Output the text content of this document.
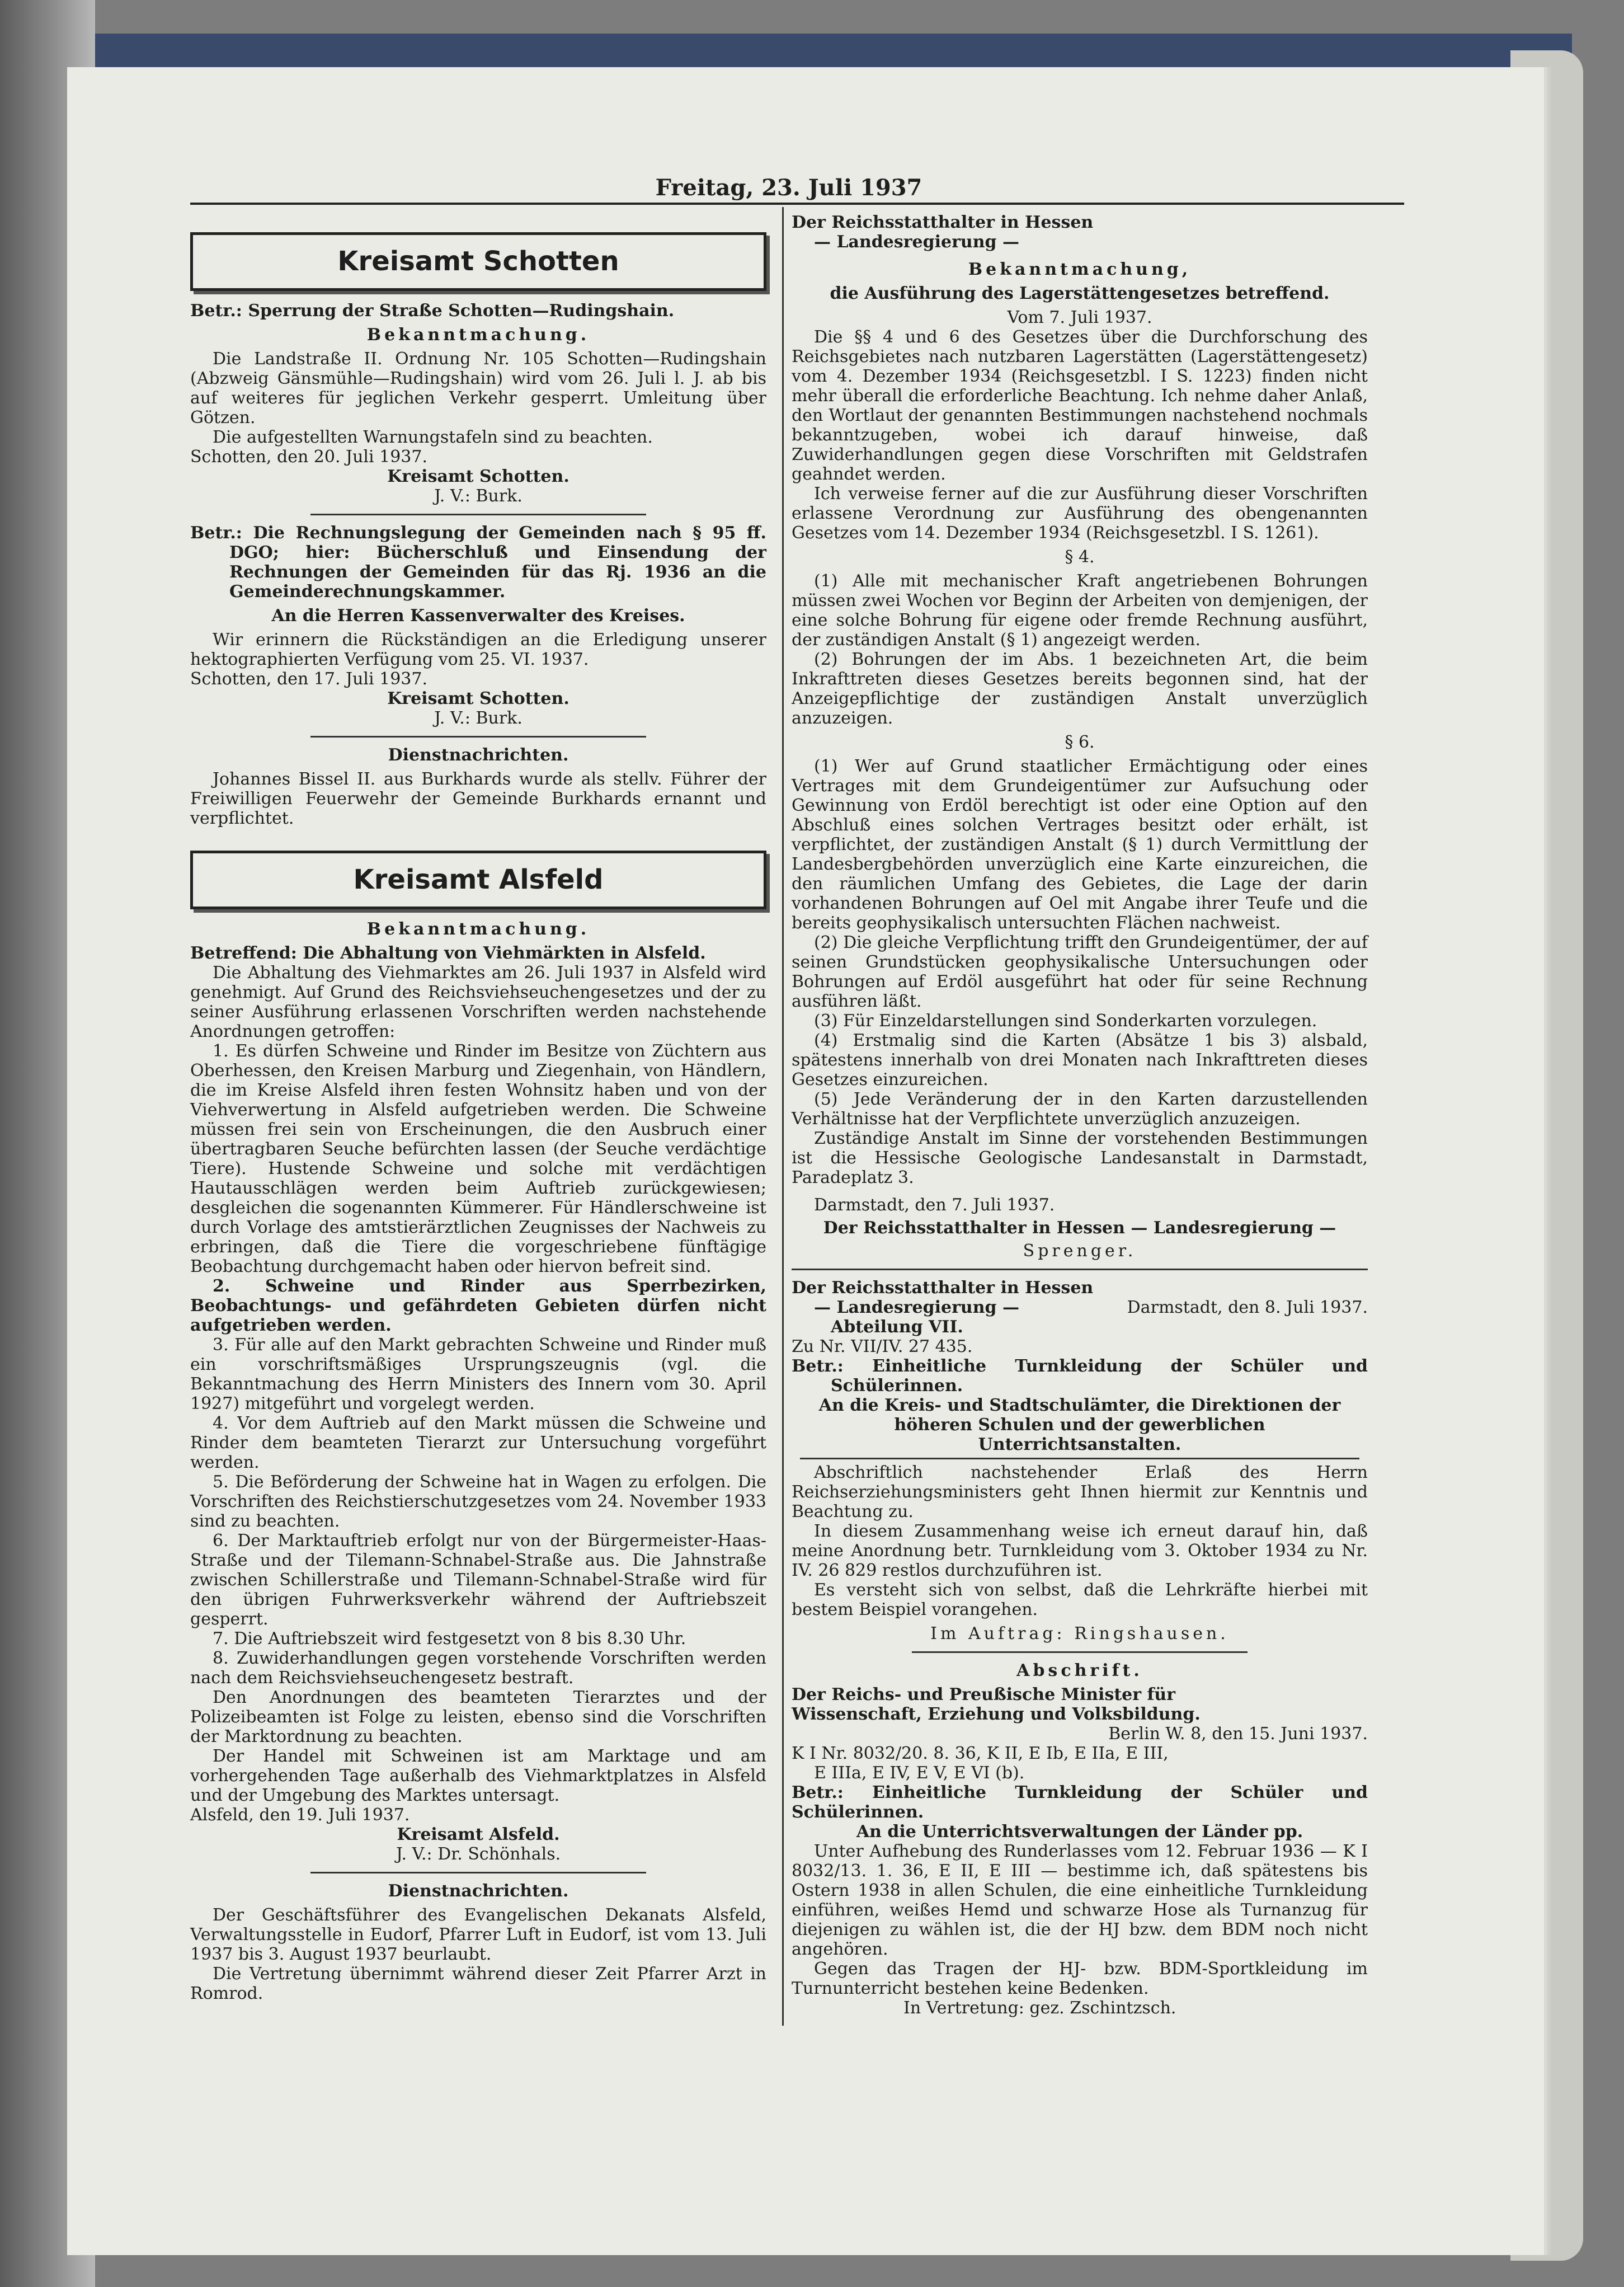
Freitag, 23. Juli 1937
Kreisamt Schotten

Betr.: Sperrung der Straße Schotten—Rudingshain.

Bekanntmachung.

Die Landstraße II. Ordnung Nr. 105 Schotten—Rudingshain (Abzweig Gänsmühle—Rudingshain) wird vom 26. Juli l. J. ab bis auf weiteres für jeglichen Verkehr gesperrt. Umleitung über Götzen.

Die aufgestellten Warnungstafeln sind zu beachten.

Schotten, den 20. Juli 1937.

Kreisamt Schotten.

J. V.: Burk.

Betr.: Die Rechnungslegung der Gemeinden nach § 95 ff. DGO; hier: Bücherschluß und Einsendung der Rechnungen der Gemeinden für das Rj. 1936 an die Gemeinderechnungskammer.

An die Herren Kassenverwalter des Kreises.

Wir erinnern die Rückständigen an die Erledigung unserer hektographierten Verfügung vom 25. VI. 1937.

Schotten, den 17. Juli 1937.

Kreisamt Schotten.

J. V.: Burk.

Dienstnachrichten.

Johannes Bissel II. aus Burkhards wurde als stellv. Führer der Freiwilligen Feuerwehr der Gemeinde Burkhards ernannt und verpflichtet.

Kreisamt Alsfeld

Bekanntmachung.

Betreffend: Die Abhaltung von Viehmärkten in Alsfeld.

Die Abhaltung des Viehmarktes am 26. Juli 1937 in Alsfeld wird genehmigt. Auf Grund des Reichsviehseuchengesetzes und der zu seiner Ausführung erlassenen Vorschriften werden nachstehende Anordnungen getroffen:

1. Es dürfen Schweine und Rinder im Besitze von Züchtern aus Oberhessen, den Kreisen Marburg und Ziegenhain, von Händlern, die im Kreise Alsfeld ihren festen Wohnsitz haben und von der Viehverwertung in Alsfeld aufgetrieben werden. Die Schweine müssen frei sein von Erscheinungen, die den Ausbruch einer übertragbaren Seuche befürchten lassen (der Seuche verdächtige Tiere). Hustende Schweine und solche mit verdächtigen Hautausschlägen werden beim Auftrieb zurückgewiesen; desgleichen die sogenannten Kümmerer. Für Händlerschweine ist durch Vorlage des amtstierärztlichen Zeugnisses der Nachweis zu erbringen, daß die Tiere die vorgeschriebene fünftägige Beobachtung durchgemacht haben oder hiervon befreit sind.

2. Schweine und Rinder aus Sperrbezirken, Beobachtungs- und gefährdeten Gebieten dürfen nicht aufgetrieben werden.

3. Für alle auf den Markt gebrachten Schweine und Rinder muß ein vorschriftsmäßiges Ursprungszeugnis (vgl. die Bekanntmachung des Herrn Ministers des Innern vom 30. April 1927) mitgeführt und vorgelegt werden.

4. Vor dem Auftrieb auf den Markt müssen die Schweine und Rinder dem beamteten Tierarzt zur Untersuchung vorgeführt werden.

5. Die Beförderung der Schweine hat in Wagen zu erfolgen. Die Vorschriften des Reichstierschutzgesetzes vom 24. November 1933 sind zu beachten.

6. Der Marktauftrieb erfolgt nur von der Bürgermeister-Haas-Straße und der Tilemann-Schnabel-Straße aus. Die Jahnstraße zwischen Schillerstraße und Tilemann-Schnabel-Straße wird für den übrigen Fuhrwerksverkehr während der Auftriebszeit gesperrt.

7. Die Auftriebszeit wird festgesetzt von 8 bis 8.30 Uhr.

8. Zuwiderhandlungen gegen vorstehende Vorschriften werden nach dem Reichsviehseuchengesetz bestraft.

Den Anordnungen des beamteten Tierarztes und der Polizeibeamten ist Folge zu leisten, ebenso sind die Vorschriften der Marktordnung zu beachten.

Der Handel mit Schweinen ist am Marktage und am vorhergehenden Tage außerhalb des Viehmarktplatzes in Alsfeld und der Umgebung des Marktes untersagt.

Alsfeld, den 19. Juli 1937.

Kreisamt Alsfeld.

J. V.: Dr. Schönhals.

Dienstnachrichten.

Der Geschäftsführer des Evangelischen Dekanats Alsfeld, Verwaltungsstelle in Eudorf, Pfarrer Luft in Eudorf, ist vom 13. Juli 1937 bis 3. August 1937 beurlaubt.

Die Vertretung übernimmt während dieser Zeit Pfarrer Arzt in Romrod.

Der Reichsstatthalter in Hessen

— Landesregierung —

Bekanntmachung,

die Ausführung des Lagerstättengesetzes betreffend.

Vom 7. Juli 1937.

Die §§ 4 und 6 des Gesetzes über die Durchforschung des Reichsgebietes nach nutzbaren Lagerstätten (Lagerstättengesetz) vom 4. Dezember 1934 (Reichsgesetzbl. I S. 1223) finden nicht mehr überall die erforderliche Beachtung. Ich nehme daher Anlaß, den Wortlaut der genannten Bestimmungen nachstehend nochmals bekanntzugeben, wobei ich darauf hinweise, daß Zuwiderhandlungen gegen diese Vorschriften mit Geldstrafen geahndet werden.

Ich verweise ferner auf die zur Ausführung dieser Vorschriften erlassene Verordnung zur Ausführung des obengenannten Gesetzes vom 14. Dezember 1934 (Reichsgesetzbl. I S. 1261).

§ 4.

(1) Alle mit mechanischer Kraft angetriebenen Bohrungen müssen zwei Wochen vor Beginn der Arbeiten von demjenigen, der eine solche Bohrung für eigene oder fremde Rechnung ausführt, der zuständigen Anstalt (§ 1) angezeigt werden.

(2) Bohrungen der im Abs. 1 bezeichneten Art, die beim Inkrafttreten dieses Gesetzes bereits begonnen sind, hat der Anzeigepflichtige der zuständigen Anstalt unverzüglich anzuzeigen.

§ 6.

(1) Wer auf Grund staatlicher Ermächtigung oder eines Vertrages mit dem Grundeigentümer zur Aufsuchung oder Gewinnung von Erdöl berechtigt ist oder eine Option auf den Abschluß eines solchen Vertrages besitzt oder erhält, ist verpflichtet, der zuständigen Anstalt (§ 1) durch Vermittlung der Landesbergbehörden unverzüglich eine Karte einzureichen, die den räumlichen Umfang des Gebietes, die Lage der darin vorhandenen Bohrungen auf Oel mit Angabe ihrer Teufe und die bereits geophysikalisch untersuchten Flächen nachweist.

(2) Die gleiche Verpflichtung trifft den Grundeigentümer, der auf seinen Grundstücken geophysikalische Untersuchungen oder Bohrungen auf Erdöl ausgeführt hat oder für seine Rechnung ausführen läßt.

(3) Für Einzeldarstellungen sind Sonderkarten vorzulegen.

(4) Erstmalig sind die Karten (Absätze 1 bis 3) alsbald, spätestens innerhalb von drei Monaten nach Inkrafttreten dieses Gesetzes einzureichen.

(5) Jede Veränderung der in den Karten darzustellenden Verhältnisse hat der Verpflichtete unverzüglich anzuzeigen.

Zuständige Anstalt im Sinne der vorstehenden Bestimmungen ist die Hessische Geologische Landesanstalt in Darmstadt, Paradeplatz 3.

Darmstadt, den 7. Juli 1937.

Der Reichsstatthalter in Hessen — Landesregierung —

Sprenger.

Der Reichsstatthalter in Hessen

— Landesregierung —

Abteilung VII.

Darmstadt, den 8. Juli 1937.

Zu Nr. VII/IV. 27 435.

Betr.: Einheitliche Turnkleidung der Schüler und Schülerinnen.

An die Kreis- und Stadtschulämter, die Direktionen der höheren Schulen und der gewerblichen Unterrichtsanstalten.

Abschriftlich nachstehender Erlaß des Herrn Reichserziehungsministers geht Ihnen hiermit zur Kenntnis und Beachtung zu.

In diesem Zusammenhang weise ich erneut darauf hin, daß meine Anordnung betr. Turnkleidung vom 3. Oktober 1934 zu Nr. IV. 26 829 restlos durchzuführen ist.

Es versteht sich von selbst, daß die Lehrkräfte hierbei mit bestem Beispiel vorangehen.

Im Auftrag: Ringshausen.

Abschrift.

Der Reichs- und Preußische Minister für

Wissenschaft, Erziehung und Volksbildung.

Berlin W. 8, den 15. Juni 1937.

K I Nr. 8032/20. 8. 36, K II, E Ib, E IIa, E III,

E IIIa, E IV, E V, E VI (b).

Betr.: Einheitliche Turnkleidung der Schüler und Schülerinnen.

An die Unterrichtsverwaltungen der Länder pp.

Unter Aufhebung des Runderlasses vom 12. Februar 1936 — K I 8032/13. 1. 36, E II, E III — bestimme ich, daß spätestens bis Ostern 1938 in allen Schulen, die eine einheitliche Turnkleidung einführen, weißes Hemd und schwarze Hose als Turnanzug für diejenigen zu wählen ist, die der HJ bzw. dem BDM noch nicht angehören.

Gegen das Tragen der HJ- bzw. BDM-Sportkleidung im Turnunterricht bestehen keine Bedenken.

In Vertretung: gez. Zschintzsch.
